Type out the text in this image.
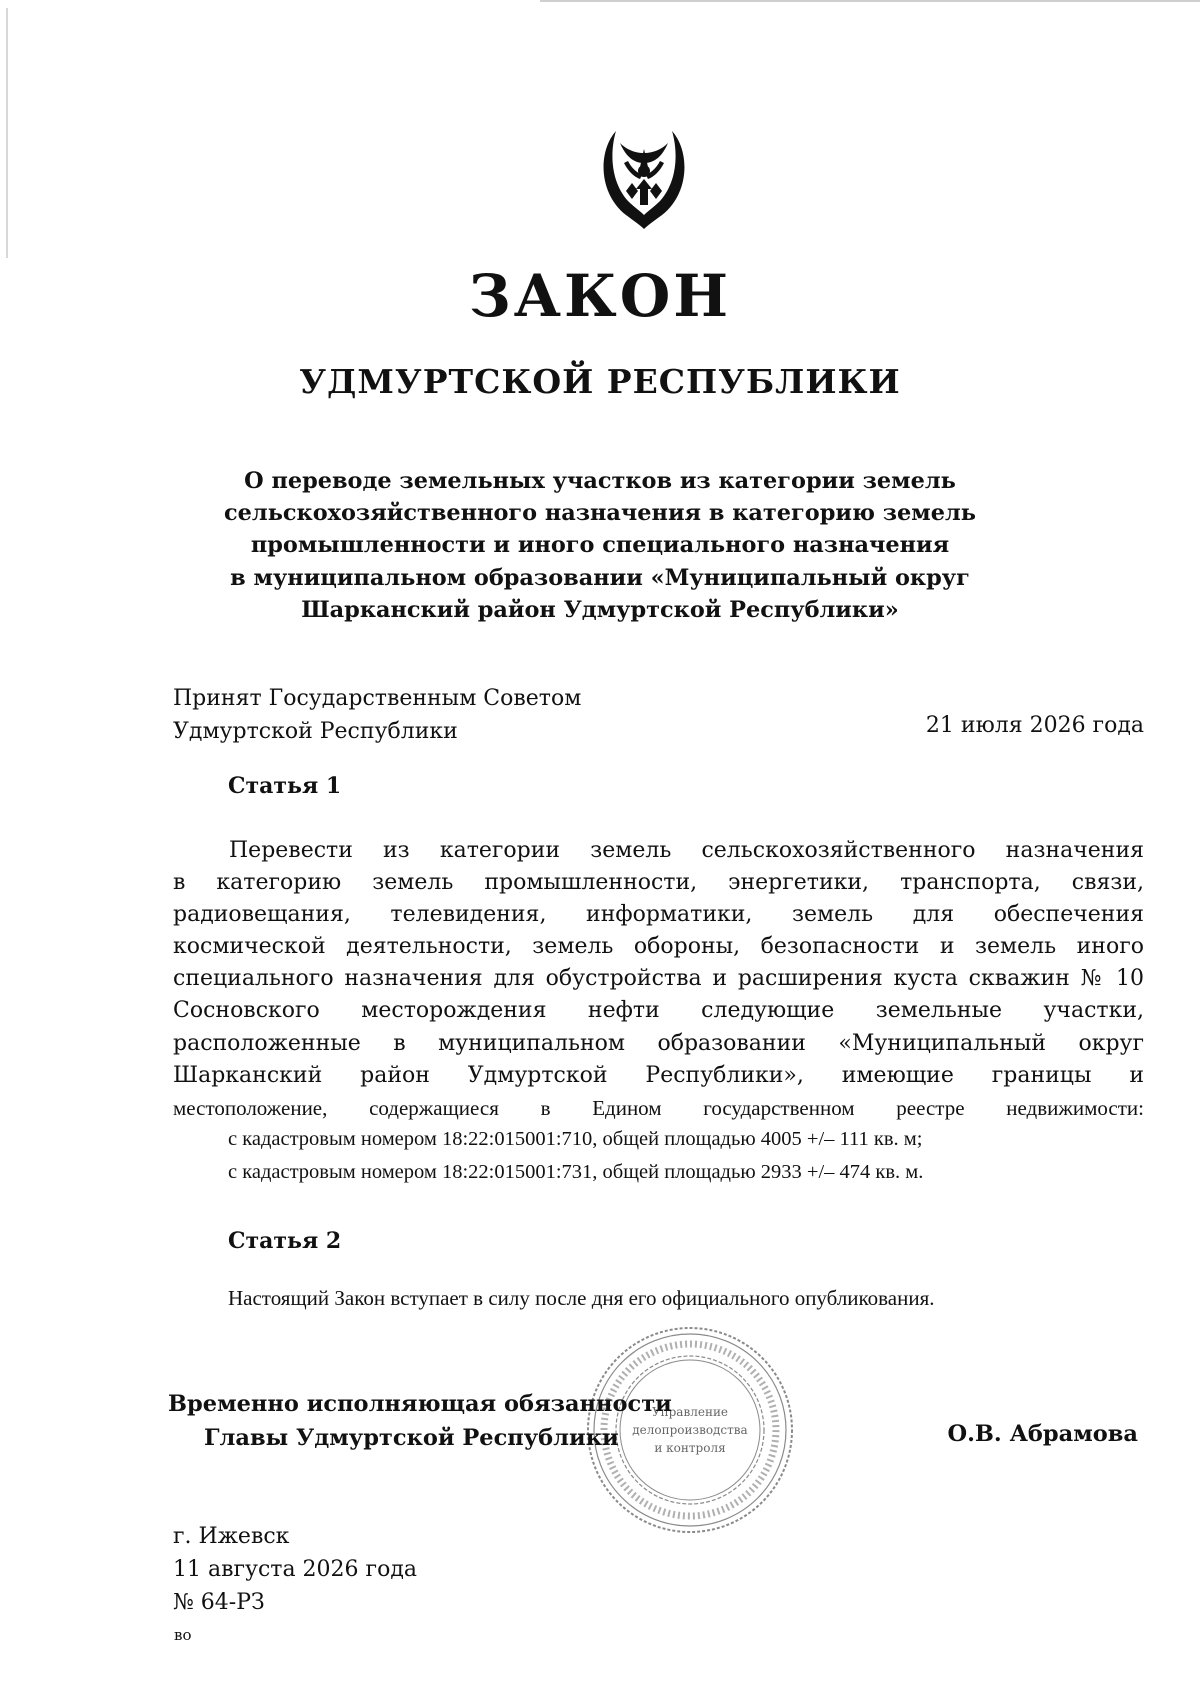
ЗАКОН
УДМУРТСКОЙ РЕСПУБЛИКИ
О переводе земельных участков из категории земель
сельскохозяйственного назначения в категорию земель
промышленности и иного специального назначения
в муниципальном образовании «Муниципальный округ
Шарканский район Удмуртской Республики»
Принят Государственным Советом
Удмуртской Республики	21 июля 2026 года
Статья 1
Перевести из категории земель сельскохозяйственного назначения
в категорию земель промышленности, энергетики, транспорта, связи,
радиовещания, телевидения, информатики, земель для обеспечения
космической деятельности, земель обороны, безопасности и земель иного
специального назначения для обустройства и расширения куста скважин № 10
Сосновского месторождения нефти следующие земельные участки,
расположенные в муниципальном образовании «Муниципальный округ
Шарканский район Удмуртской Республики», имеющие границы и
местоположение, содержащиеся в Едином государственном реестре недвижимости:
с кадастровым номером 18:22:015001:710, общей площадью 4005 +/– 111 кв. м;
с кадастровым номером 18:22:015001:731, общей площадью 2933 +/– 474 кв. м.
Статья 2
Настоящий Закон вступает в силу после дня его официального опубликования.
Управление
делопроизводства
и контроля
Временно исполняющая обязанности
Главы Удмуртской Республики	О.В. Абрамова
г. Ижевск
11 августа 2026 года
№ 64-РЗ
во
